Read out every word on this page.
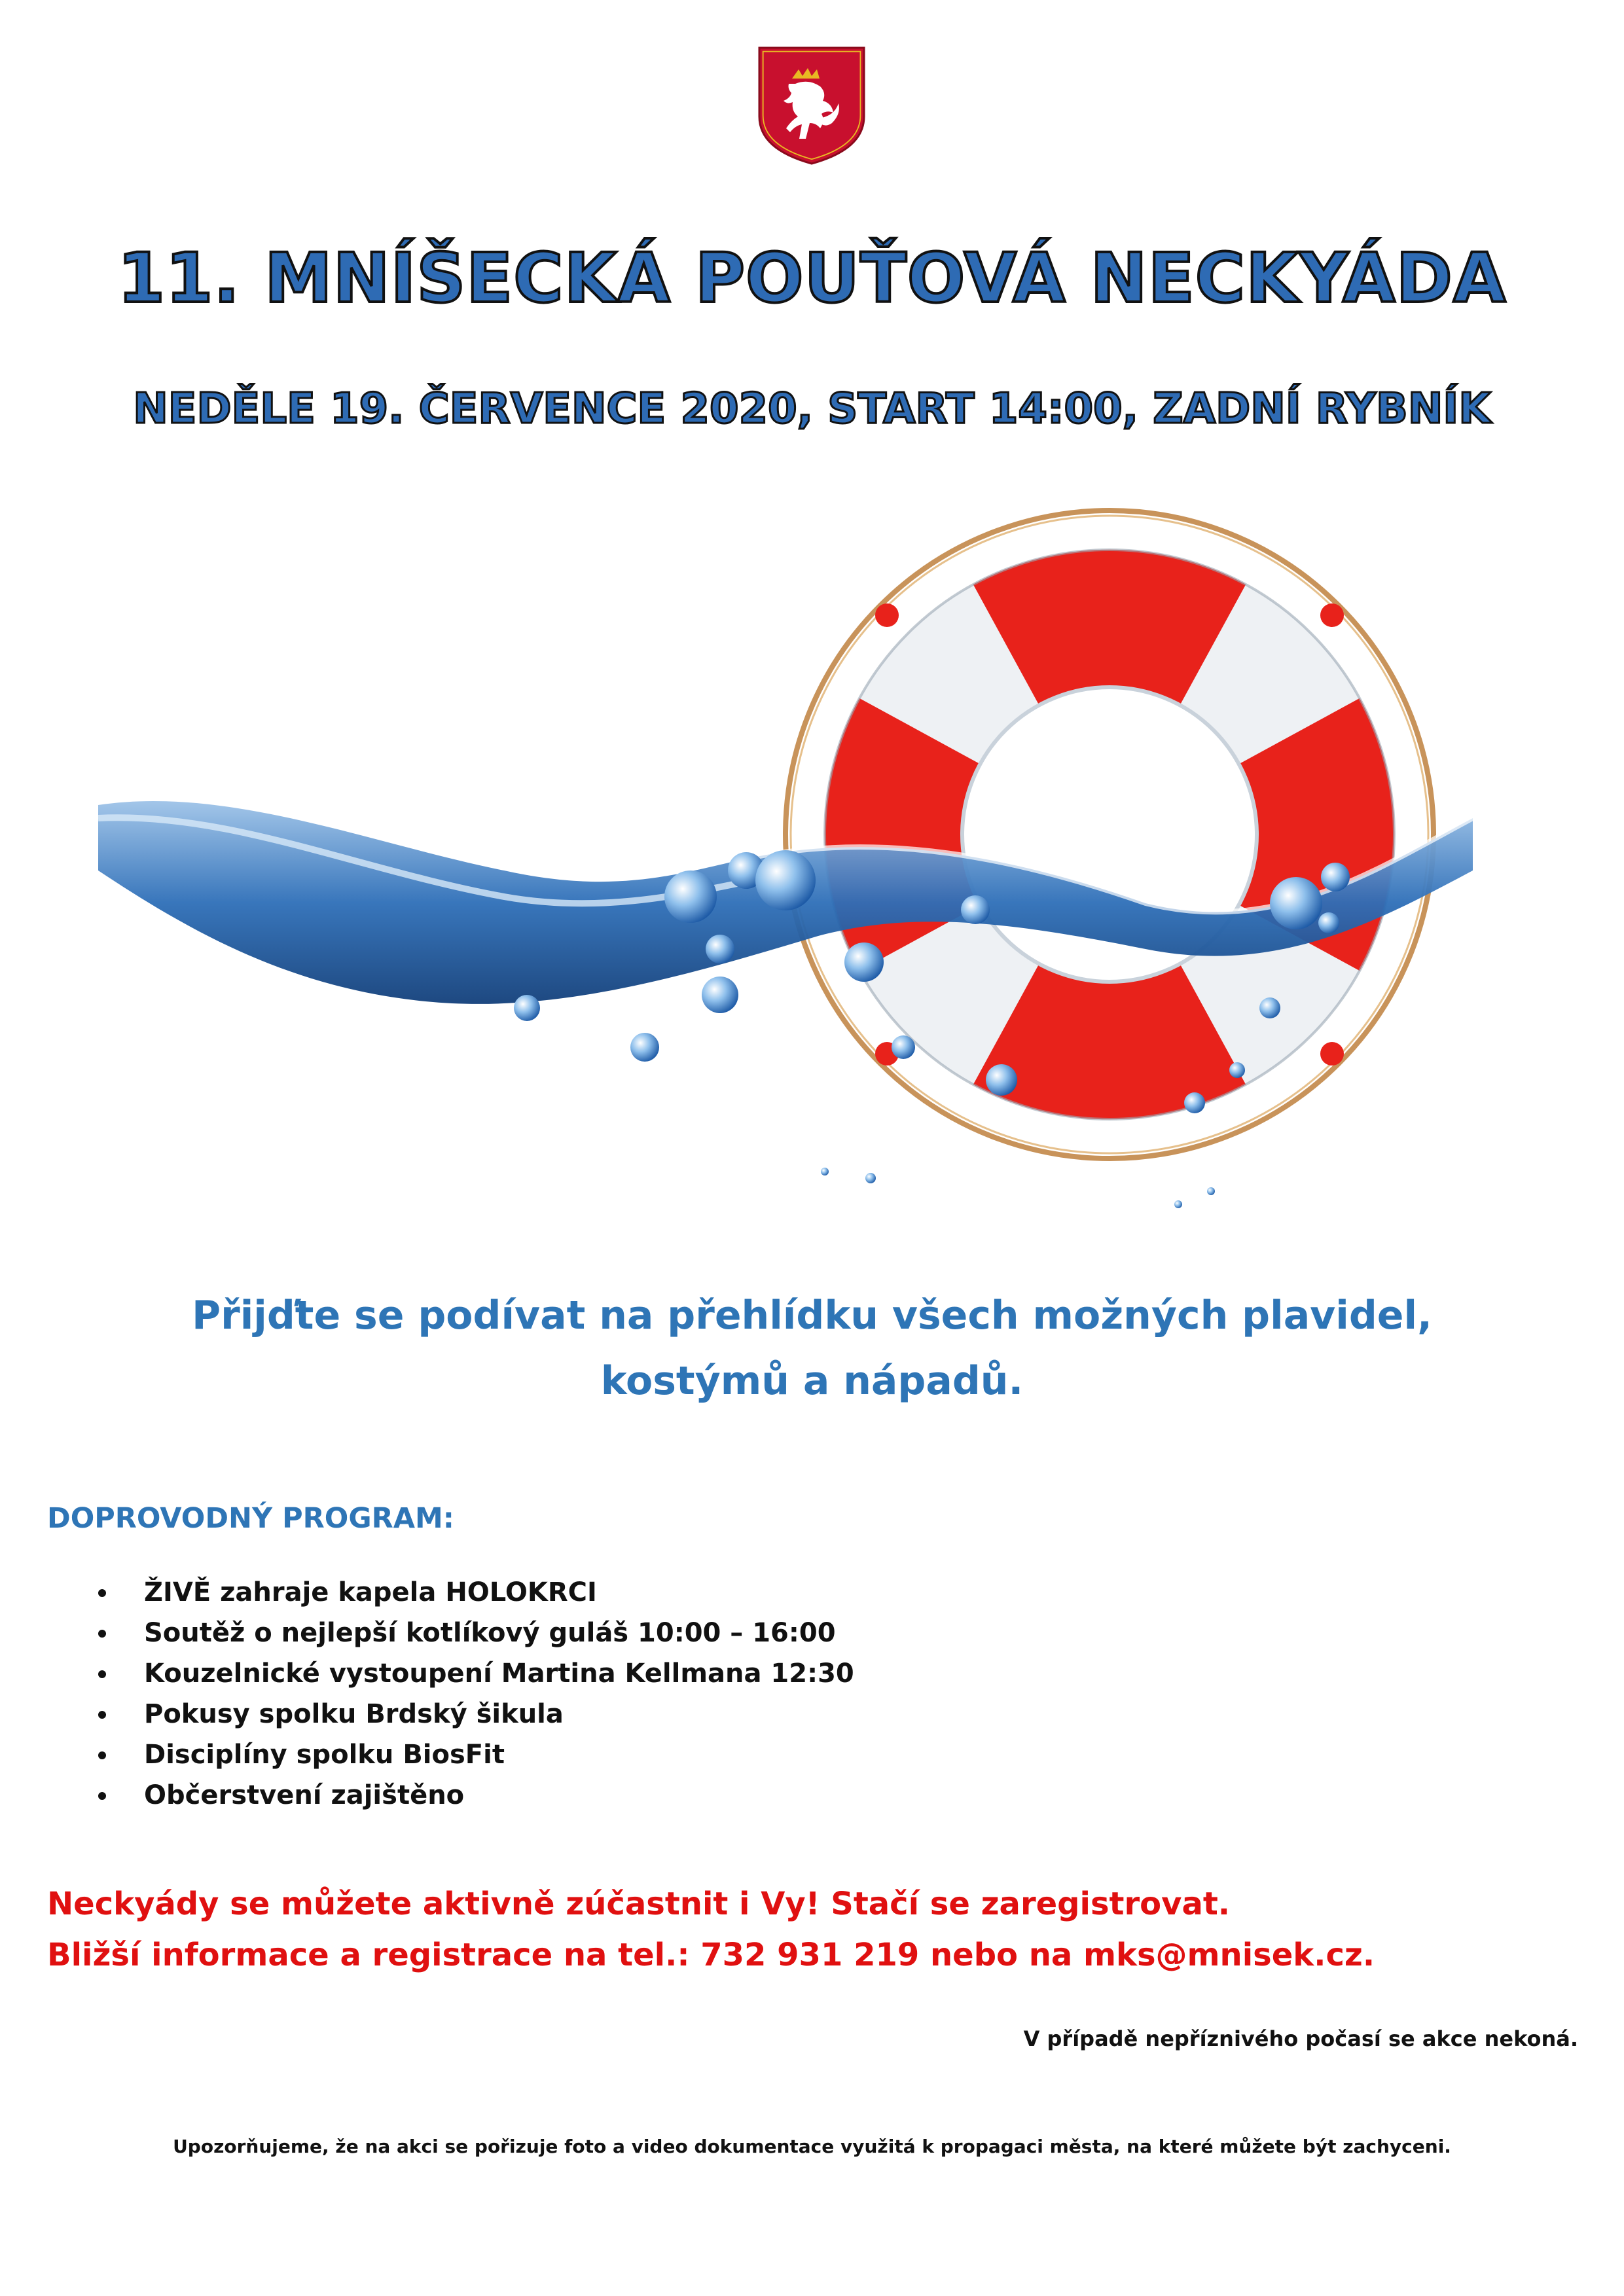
11. MNÍŠECKÁ POUŤOVÁ NECKYÁDA
NEDĚLE 19. ČERVENCE 2020, START 14:00, ZADNÍ RYBNÍK
Přijďte se podívat na přehlídku všech možných plavidel,
kostýmů a nápadů.
DOPROVODNÝ PROGRAM:
ŽIVĚ zahraje kapela HOLOKRCI
Soutěž o nejlepší kotlíkový guláš 10:00 – 16:00
Kouzelnické vystoupení Martina Kellmana 12:30
Pokusy spolku Brdský šikula
Disciplíny spolku BiosFit
Občerstvení zajištěno
Neckyády se můžete aktivně zúčastnit i Vy! Stačí se zaregistrovat.
Bližší informace a registrace na tel.: 732 931 219 nebo na mks@mnisek.cz.
V případě nepříznivého počasí se akce nekoná.
Upozorňujeme, že na akci se pořizuje foto a video dokumentace využitá k propagaci města, na které můžete být zachyceni.
